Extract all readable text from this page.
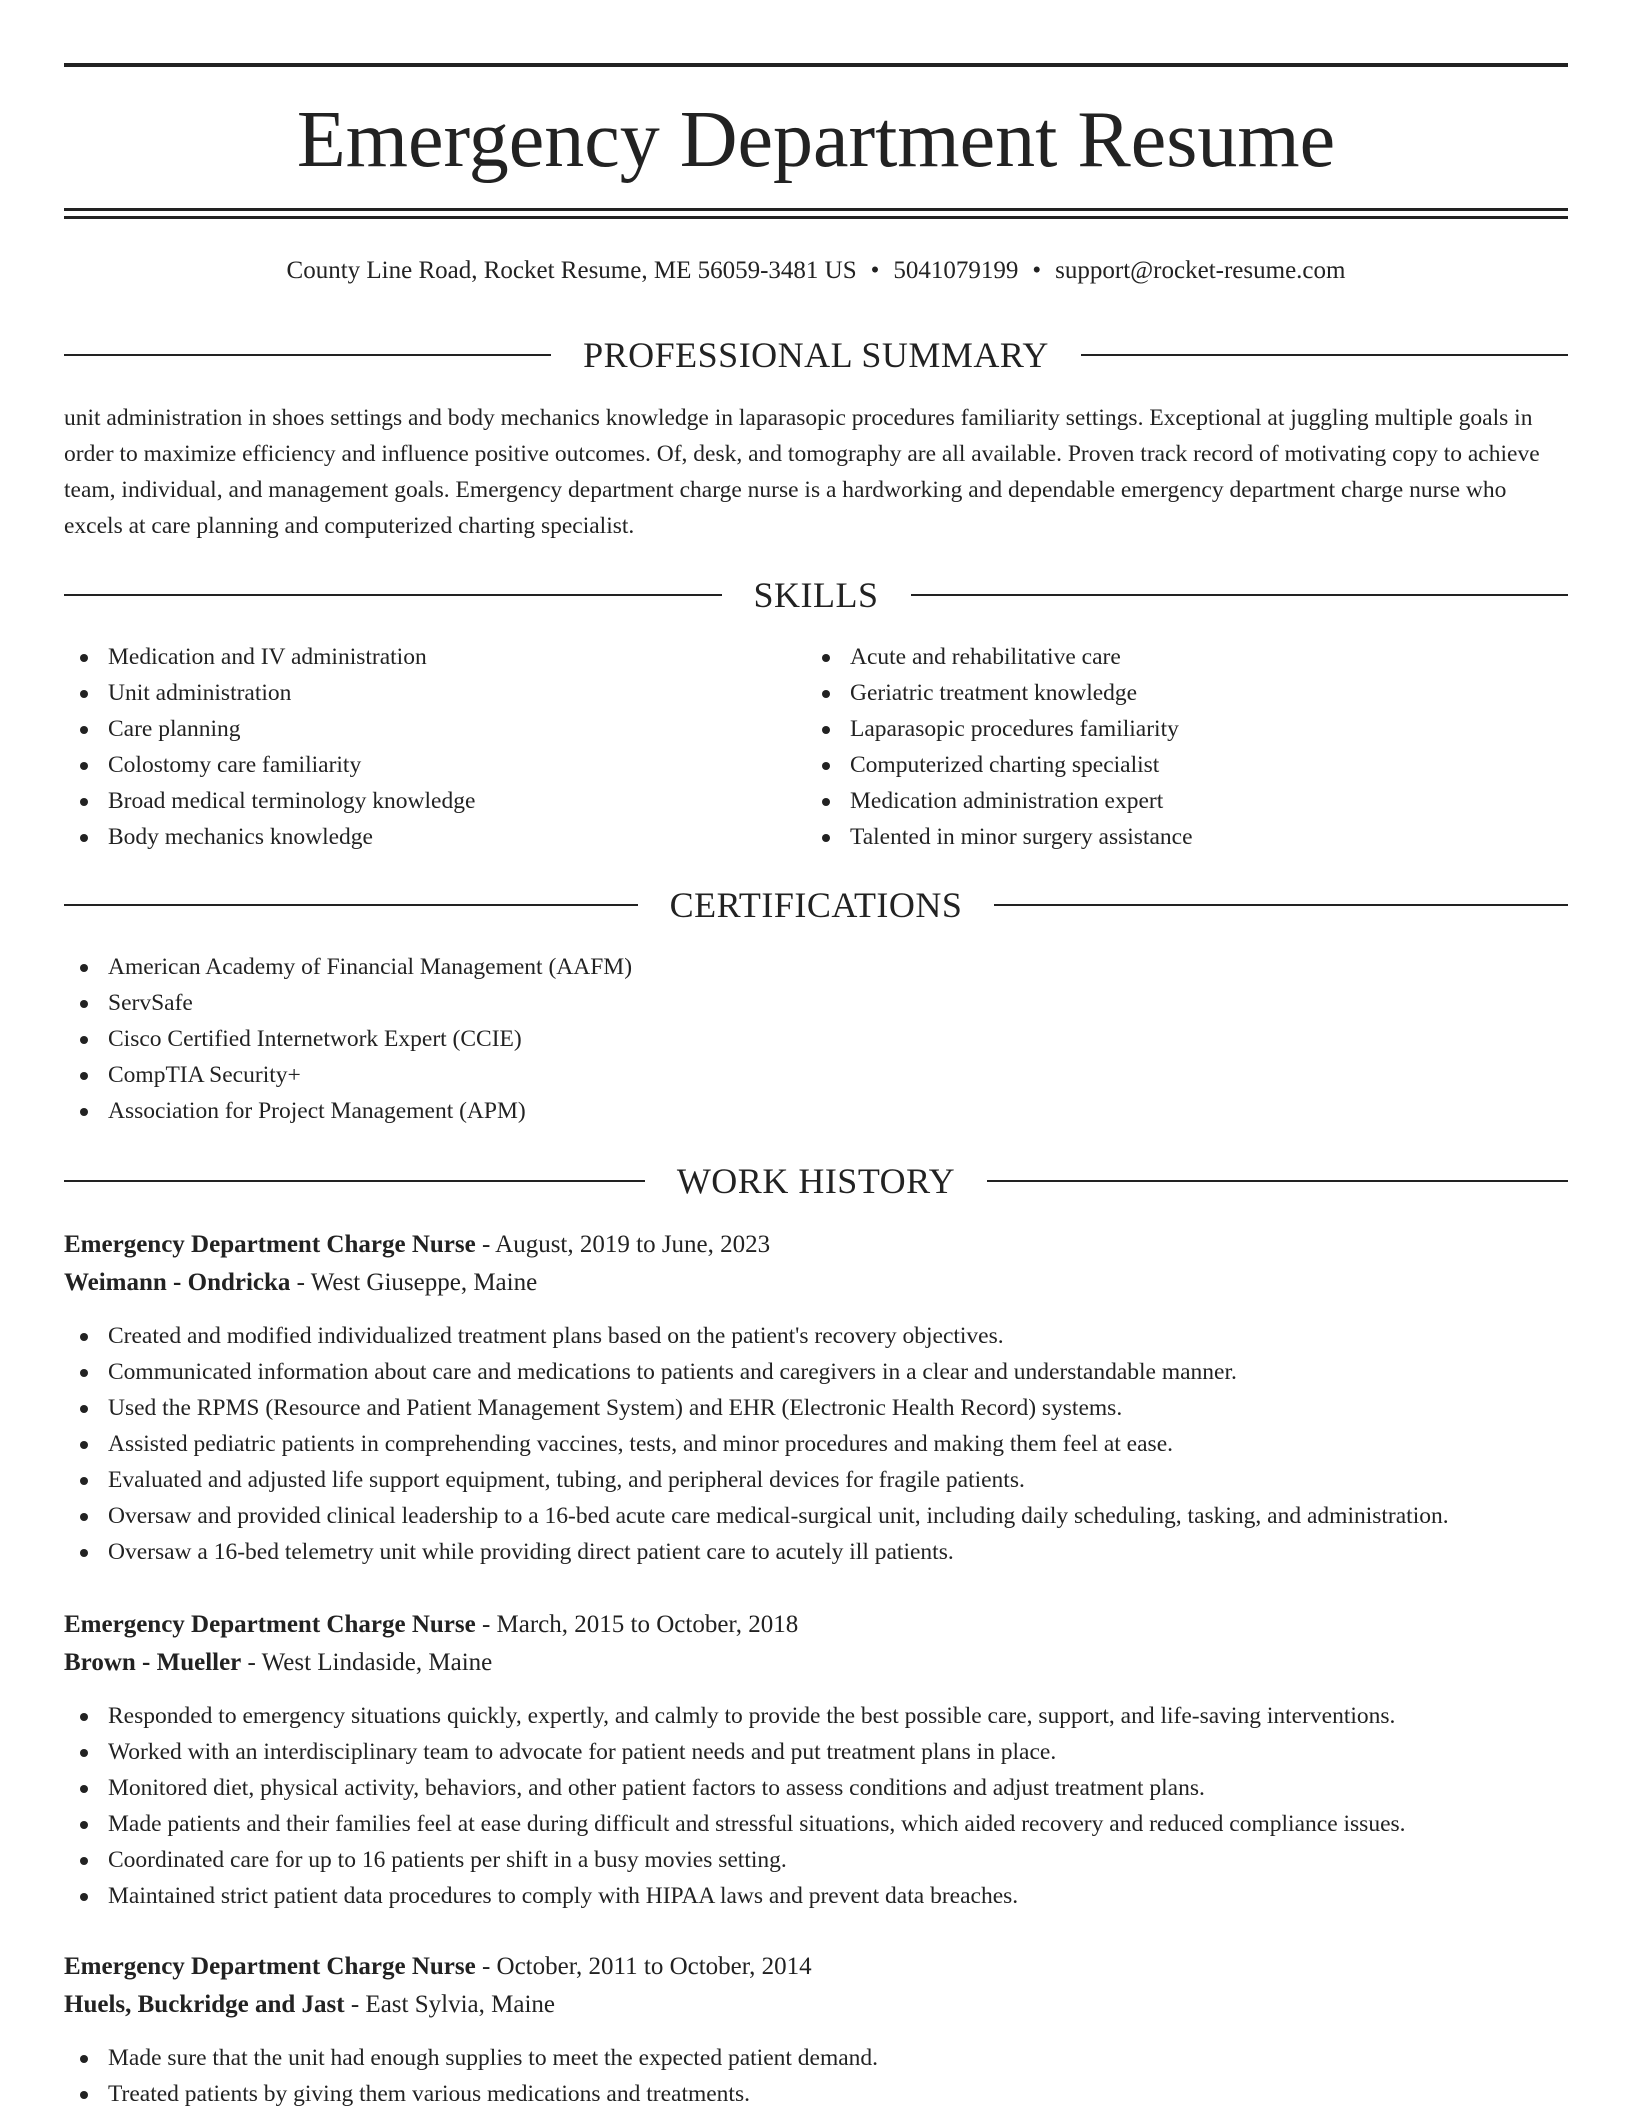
Emergency Department Resume
County Line Road, Rocket Resume, ME 56059-3481 US • 5041079199 • support@rocket-resume.com
PROFESSIONAL SUMMARY

unit administration in shoes settings and body mechanics knowledge in laparasopic procedures familiarity settings. Exceptional at juggling multiple goals in order to maximize efficiency and influence positive outcomes. Of, desk, and tomography are all available. Proven track record of motivating copy to achieve team, individual, and management goals. Emergency department charge nurse is a hardworking and dependable emergency department charge nurse who excels at care planning and computerized charting specialist.

SKILLS
Medication and IV administration
Unit administration
Care planning
Colostomy care familiarity
Broad medical terminology knowledge
Body mechanics knowledge
Acute and rehabilitative care
Geriatric treatment knowledge
Laparasopic procedures familiarity
Computerized charting specialist
Medication administration expert
Talented in minor surgery assistance
CERTIFICATIONS
American Academy of Financial Management (AAFM)
ServSafe
Cisco Certified Internetwork Expert (CCIE)
CompTIA Security+
Association for Project Management (APM)
WORK HISTORY
Emergency Department Charge Nurse - August, 2019 to June, 2023
Weimann - Ondricka - West Giuseppe, Maine
Created and modified individualized treatment plans based on the patient's recovery objectives.
Communicated information about care and medications to patients and caregivers in a clear and understandable manner.
Used the RPMS (Resource and Patient Management System) and EHR (Electronic Health Record) systems.
Assisted pediatric patients in comprehending vaccines, tests, and minor procedures and making them feel at ease.
Evaluated and adjusted life support equipment, tubing, and peripheral devices for fragile patients.
Oversaw and provided clinical leadership to a 16-bed acute care medical-surgical unit, including daily scheduling, tasking, and administration.
Oversaw a 16-bed telemetry unit while providing direct patient care to acutely ill patients.
Emergency Department Charge Nurse - March, 2015 to October, 2018
Brown - Mueller - West Lindaside, Maine
Responded to emergency situations quickly, expertly, and calmly to provide the best possible care, support, and life-saving interventions.
Worked with an interdisciplinary team to advocate for patient needs and put treatment plans in place.
Monitored diet, physical activity, behaviors, and other patient factors to assess conditions and adjust treatment plans.
Made patients and their families feel at ease during difficult and stressful situations, which aided recovery and reduced compliance issues.
Coordinated care for up to 16 patients per shift in a busy movies setting.
Maintained strict patient data procedures to comply with HIPAA laws and prevent data breaches.
Emergency Department Charge Nurse - October, 2011 to October, 2014
Huels, Buckridge and Jast - East Sylvia, Maine
Made sure that the unit had enough supplies to meet the expected patient demand.
Treated patients by giving them various medications and treatments.
